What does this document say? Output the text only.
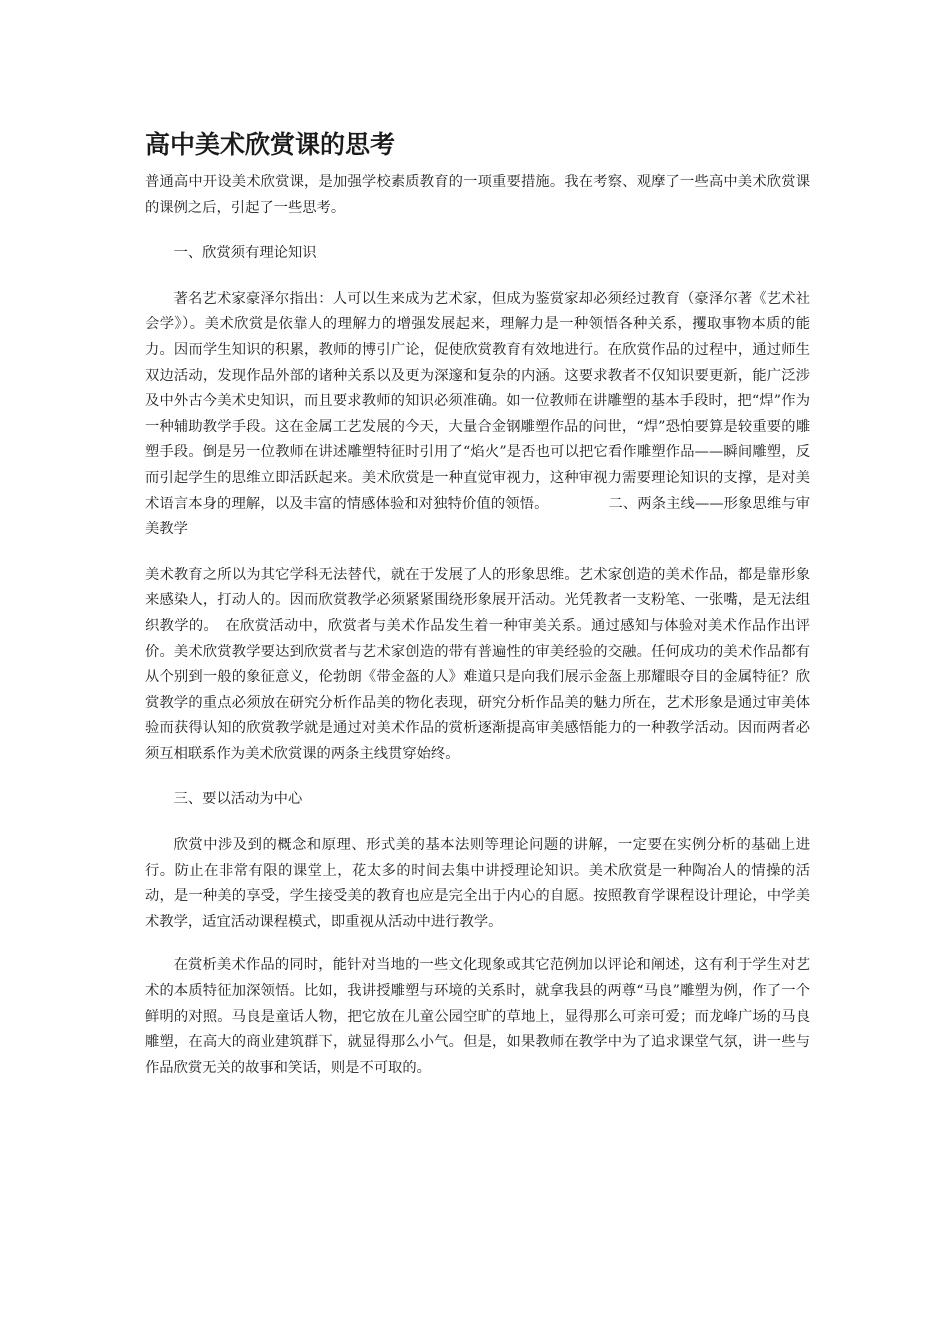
高中美术欣赏课的思考

普通高中开设美术欣赏课，是加强学校素质教育的一项重要措施。我在考察、观摩了一些高中美术欣赏课的课例之后，引起了一些思考。

一、欣赏须有理论知识

著名艺术家豪泽尔指出：人可以生来成为艺术家，但成为鉴赏家却必须经过教育（豪泽尔著《艺术社会学》）。美术欣赏是依靠人的理解力的增强发展起来，理解力是一种领悟各种关系，攫取事物本质的能力。因而学生知识的积累，教师的博引广论，促使欣赏教育有效地进行。在欣赏作品的过程中，通过师生双边活动，发现作品外部的诸种关系以及更为深邃和复杂的内涵。这要求教者不仅知识要更新，能广泛涉及中外古今美术史知识，而且要求教师的知识必须准确。如一位教师在讲雕塑的基本手段时，把“焊”作为一种辅助教学手段。这在金属工艺发展的今天，大量合金钢雕塑作品的问世，“焊”恐怕要算是较重要的雕塑手段。倒是另一位教师在讲述雕塑特征时引用了“焰火”是否也可以把它看作雕塑作品——瞬间雕塑，反而引起学生的思维立即活跃起来。美术欣赏是一种直觉审视力，这种审视力需要理论知识的支撑，是对美术语言本身的理解，以及丰富的情感体验和对独特价值的领悟。	二、两条主线——形象思维与审美教学

美术教育之所以为其它学科无法替代，就在于发展了人的形象思维。艺术家创造的美术作品，都是靠形象来感染人，打动人的。因而欣赏教学必须紧紧围绕形象展开活动。光凭教者一支粉笔、一张嘴，是无法组织教学的。　在欣赏活动中，欣赏者与美术作品发生着一种审美关系。通过感知与体验对美术作品作出评价。美术欣赏教学要达到欣赏者与艺术家创造的带有普遍性的审美经验的交融。任何成功的美术作品都有从个别到一般的象征意义，伦勃朗《带金盔的人》难道只是向我们展示金盔上那耀眼夺目的金属特征？欣赏教学的重点必须放在研究分析作品美的物化表现，研究分析作品美的魅力所在，艺术形象是通过审美体验而获得认知的欣赏教学就是通过对美术作品的赏析逐渐提高审美感悟能力的一种教学活动。因而两者必须互相联系作为美术欣赏课的两条主线贯穿始终。

三、要以活动为中心

欣赏中涉及到的概念和原理、形式美的基本法则等理论问题的讲解，一定要在实例分析的基础上进行。防止在非常有限的课堂上，花太多的时间去集中讲授理论知识。美术欣赏是一种陶冶人的情操的活动，是一种美的享受，学生接受美的教育也应是完全出于内心的自愿。按照教育学课程设计理论，中学美术教学，适宜活动课程模式，即重视从活动中进行教学。

在赏析美术作品的同时，能针对当地的一些文化现象或其它范例加以评论和阐述，这有利于学生对艺术的本质特征加深领悟。比如，我讲授雕塑与环境的关系时，就拿我县的两尊“马良”雕塑为例，作了一个鲜明的对照。马良是童话人物，把它放在儿童公园空旷的草地上，显得那么可亲可爱；而龙峰广场的马良雕塑，在高大的商业建筑群下，就显得那么小气。但是，如果教师在教学中为了追求课堂气氛，讲一些与作品欣赏无关的故事和笑话，则是不可取的。
